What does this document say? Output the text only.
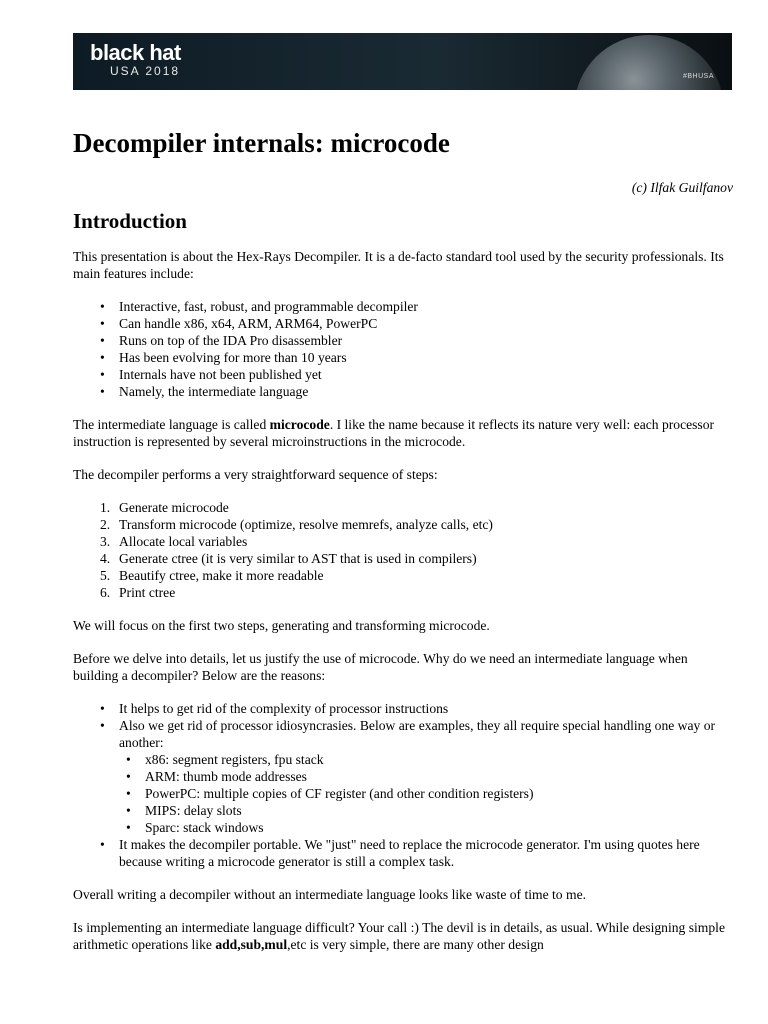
black hat
USA 2018	#BHUSA
Decompiler internals: microcode

(c) Ilfak Guilfanov

Introduction

This presentation is about the Hex-Rays Decompiler. It is a de-facto standard tool used by the security professionals. Its main features include:

• Interactive, fast, robust, and programmable decompiler
• Can handle x86, x64, ARM, ARM64, PowerPC
• Runs on top of the IDA Pro disassembler
• Has been evolving for more than 10 years
• Internals have not been published yet
• Namely, the intermediate language

The intermediate language is called microcode. I like the name because it reflects its nature very well: each processor instruction is represented by several microinstructions in the microcode.

The decompiler performs a very straightforward sequence of steps:

1. Generate microcode
2. Transform microcode (optimize, resolve memrefs, analyze calls, etc)
3. Allocate local variables
4. Generate ctree (it is very similar to AST that is used in compilers)
5. Beautify ctree, make it more readable
6. Print ctree

We will focus on the first two steps, generating and transforming microcode.

Before we delve into details, let us justify the use of microcode. Why do we need an intermediate language when building a decompiler? Below are the reasons:

• It helps to get rid of the complexity of processor instructions
• Also we get rid of processor idiosyncrasies. Below are examples, they all require special handling one way or another:
• x86: segment registers, fpu stack
• ARM: thumb mode addresses
• PowerPC: multiple copies of CF register (and other condition registers)
• MIPS: delay slots
• Sparc: stack windows
• It makes the decompiler portable. We "just" need to replace the microcode generator. I'm using quotes here because writing a microcode generator is still a complex task.

Overall writing a decompiler without an intermediate language looks like waste of time to me.

Is implementing an intermediate language difficult? Your call :) The devil is in details, as usual. While designing simple arithmetic operations like add,sub,mul,etc is very simple, there are many other design
